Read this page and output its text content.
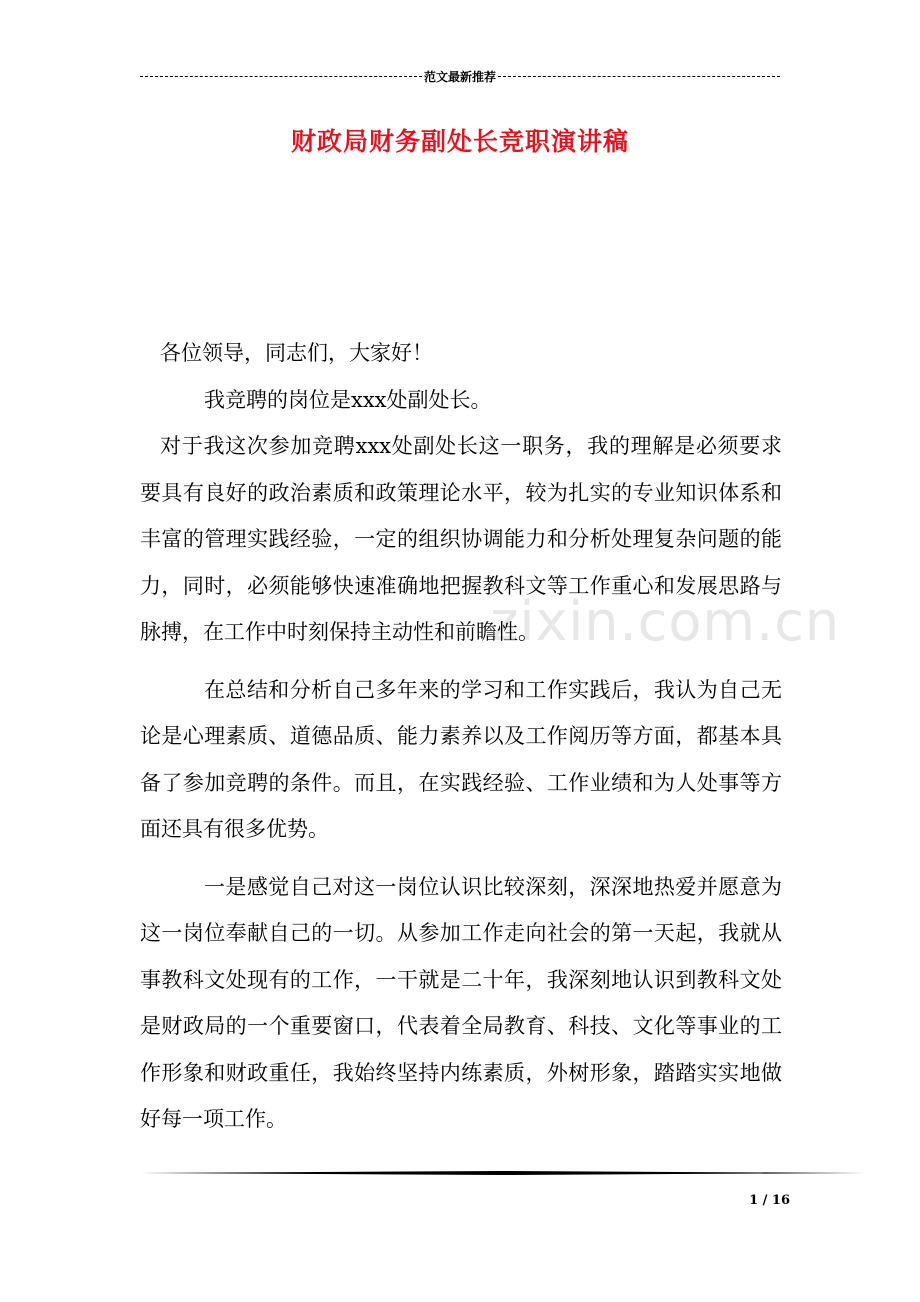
范文最新推荐
财政局财务副处长竞职演讲稿
zixin.com.cn

各位领导，同志们，大家好！

我竞聘的岗位是xxx处副处长。

对于我这次参加竞聘xxx处副处长这一职务，我的理解是必须要求要具有良好的政治素质和政策理论水平，较为扎实的专业知识体系和丰富的管理实践经验，一定的组织协调能力和分析处理复杂问题的能力，同时，必须能够快速准确地把握教科文等工作重心和发展思路与脉搏，在工作中时刻保持主动性和前瞻性。

在总结和分析自己多年来的学习和工作实践后，我认为自己无论是心理素质、道德品质、能力素养以及工作阅历等方面，都基本具备了参加竞聘的条件。而且，在实践经验、工作业绩和为人处事等方面还具有很多优势。

一是感觉自己对这一岗位认识比较深刻，深深地热爱并愿意为这一岗位奉献自己的一切。从参加工作走向社会的第一天起，我就从事教科文处现有的工作，一干就是二十年，我深刻地认识到教科文处是财政局的一个重要窗口，代表着全局教育、科技、文化等事业的工作形象和财政重任，我始终坚持内练素质，外树形象，踏踏实实地做好每一项工作。

1 / 16
